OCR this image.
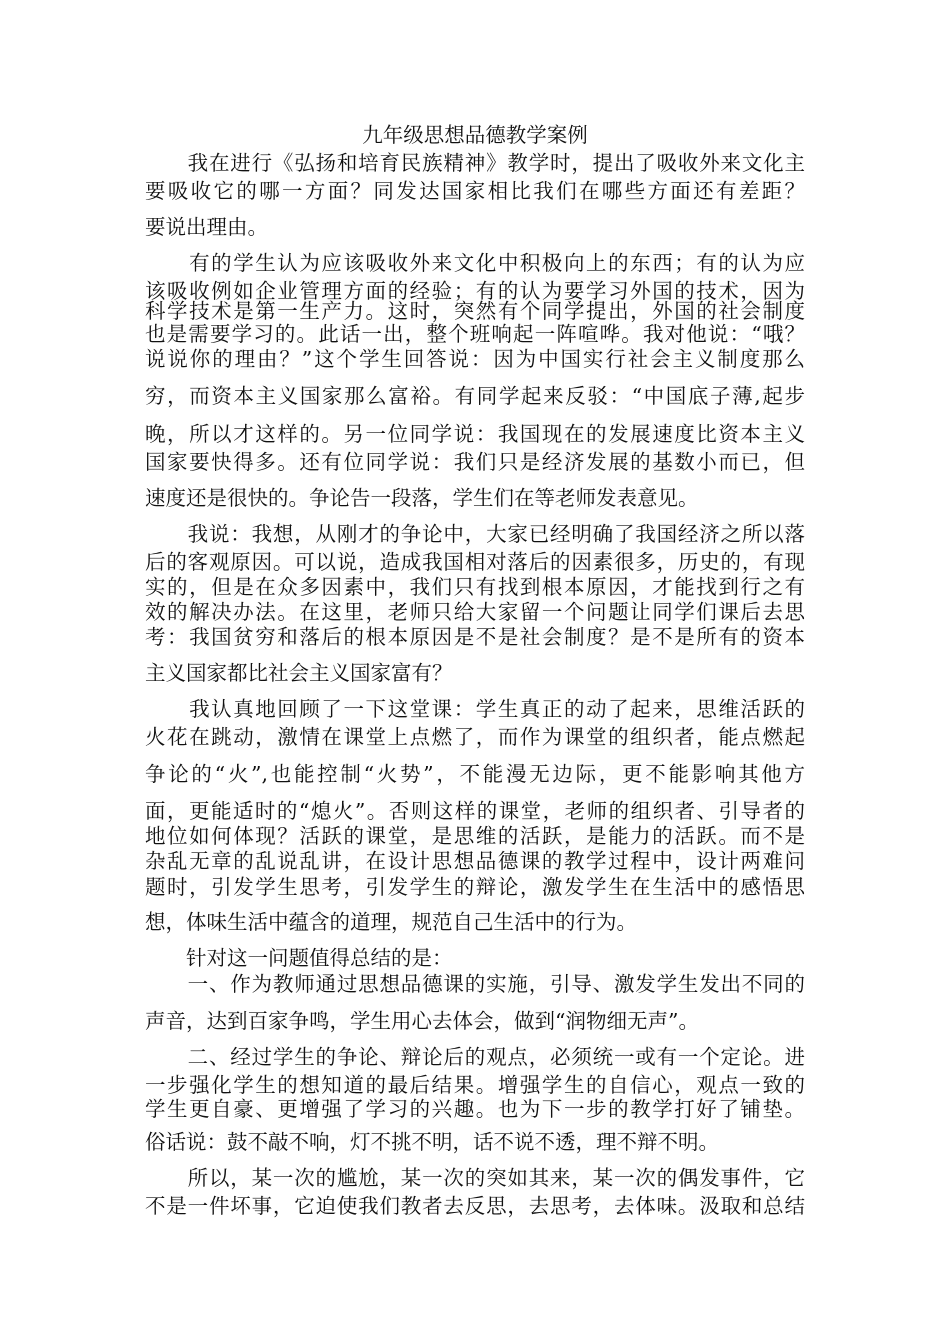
九年级思想品德教学案例
　　我在进行《弘扬和培育民族精神》教学时，提出了吸收外来文化主
要吸收它的哪一方面？同发达国家相比我们在哪些方面还有差距？
要说出理由。
　　有的学生认为应该吸收外来文化中积极向上的东西；有的认为应
该吸收例如企业管理方面的经验；有的认为要学习外国的技术，因为
科学技术是第一生产力。这时，突然有个同学提出，外国的社会制度
也是需要学习的。此话一出，整个班响起一阵喧哗。我对他说：“哦？
说说你的理由？”这个学生回答说：因为中国实行社会主义制度那么
穷，而资本主义国家那么富裕。有同学起来反驳：“中国底子薄,起步
晚，所以才这样的。另一位同学说：我国现在的发展速度比资本主义
国家要快得多。还有位同学说：我们只是经济发展的基数小而已，但
速度还是很快的。争论告一段落，学生们在等老师发表意见。
　　我说：我想，从刚才的争论中，大家已经明确了我国经济之所以落
后的客观原因。可以说，造成我国相对落后的因素很多，历史的，有现
实的，但是在众多因素中，我们只有找到根本原因，才能找到行之有
效的解决办法。在这里，老师只给大家留一个问题让同学们课后去思
考：我国贫穷和落后的根本原因是不是社会制度？是不是所有的资本
主义国家都比社会主义国家富有？
　　我认真地回顾了一下这堂课：学生真正的动了起来，思维活跃的
火花在跳动，激情在课堂上点燃了，而作为课堂的组织者，能点燃起
争论的“火”,也能控制“火势”，不能漫无边际，更不能影响其他方
面，更能适时的“熄火”。否则这样的课堂，老师的组织者、引导者的
地位如何体现？活跃的课堂，是思维的活跃，是能力的活跃。而不是
杂乱无章的乱说乱讲，在设计思想品德课的教学过程中，设计两难问
题时，引发学生思考，引发学生的辩论，激发学生在生活中的感悟思
想，体味生活中蕴含的道理，规范自己生活中的行为。
　　针对这一问题值得总结的是：
　　一、作为教师通过思想品德课的实施，引导、激发学生发出不同的
声音，达到百家争鸣，学生用心去体会，做到“润物细无声”。
　　二、经过学生的争论、辩论后的观点，必须统一或有一个定论。进
一步强化学生的想知道的最后结果。增强学生的自信心，观点一致的
学生更自豪、更增强了学习的兴趣。也为下一步的教学打好了铺垫。
俗话说：鼓不敲不响，灯不挑不明，话不说不透，理不辩不明。
　　所以，某一次的尴尬，某一次的突如其来，某一次的偶发事件，它
不是一件坏事，它迫使我们教者去反思，去思考，去体味。汲取和总结
